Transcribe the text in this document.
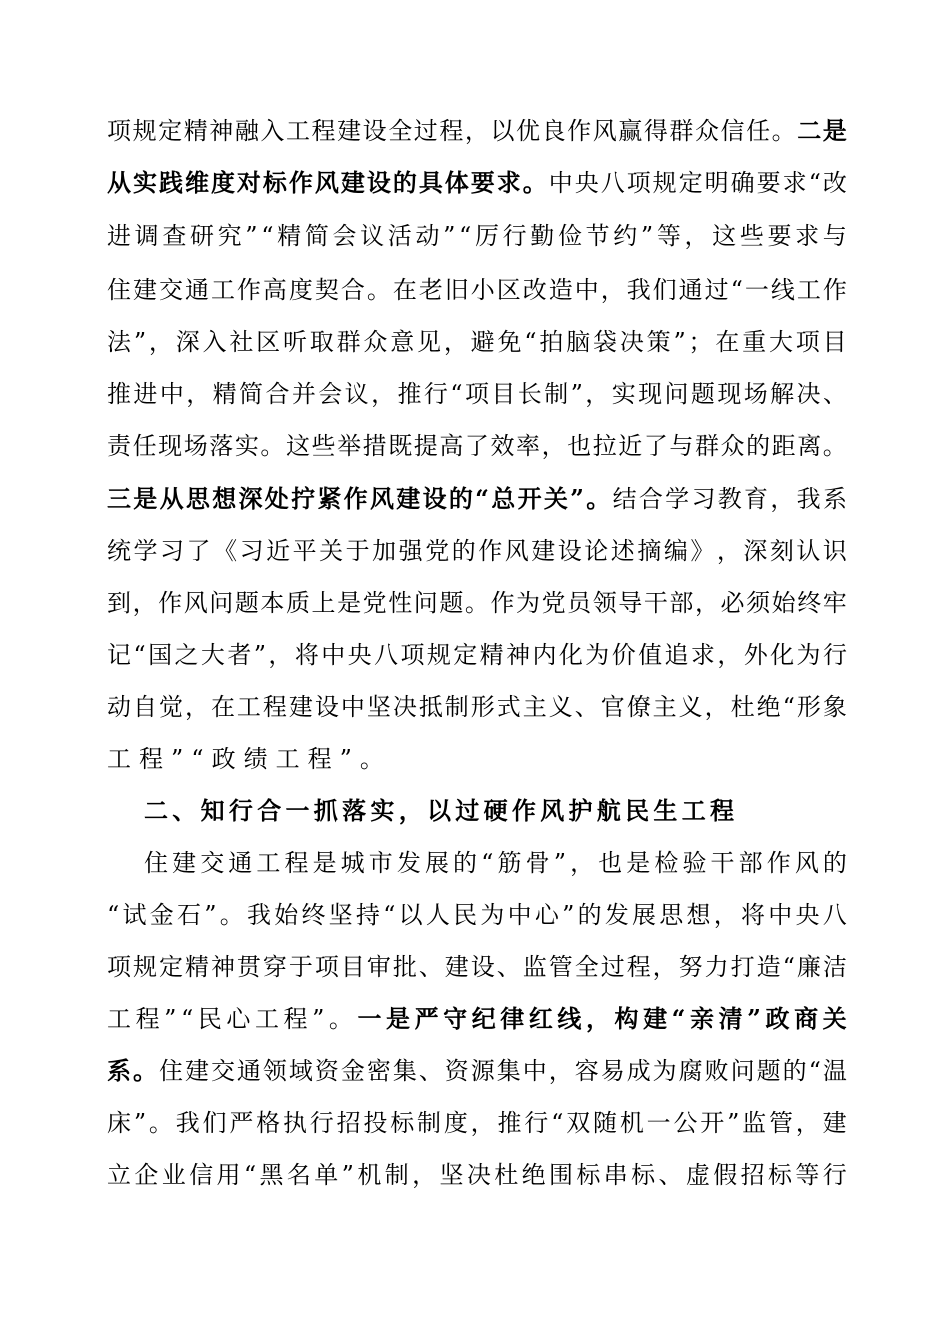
项 规 定 精 神 融 入 工 程 建 设 全 过 程 ， 以 优 良 作 风 赢 得 群 众 信 任 。 二 是
从 实 践 维 度 对 标 作 风 建 设 的 具 体 要 求 。 中 央 八 项 规 定 明 确 要 求 “ 改
进 调 查 研 究 ” “ 精 简 会 议 活 动 ” “ 厉 行 勤 俭 节 约 ” 等 ， 这 些 要 求 与
住 建 交 通 工 作 高 度 契 合 。 在 老 旧 小 区 改 造 中 ， 我 们 通 过 “ 一 线 工 作
法 ” ， 深 入 社 区 听 取 群 众 意 见 ， 避 免 “ 拍 脑 袋 决 策 ” ； 在 重 大 项 目
推 进 中 ， 精 简 合 并 会 议 ， 推 行 “ 项 目 长 制 ” ， 实 现 问 题 现 场 解 决 、
责 任 现 场 落 实 。 这 些 举 措 既 提 高 了 效 率 ， 也 拉 近 了 与 群 众 的 距 离 。
三 是 从 思 想 深 处 拧 紧 作 风 建 设 的 “ 总 开 关 ” 。 结 合 学 习 教 育 ， 我 系
统 学 习 了 《 习 近 平 关 于 加 强 党 的 作 风 建 设 论 述 摘 编 》 ， 深 刻 认 识
到 ， 作 风 问 题 本 质 上 是 党 性 问 题 。 作 为 党 员 领 导 干 部 ， 必 须 始 终 牢
记 “ 国 之 大 者 ” ， 将 中 央 八 项 规 定 精 神 内 化 为 价 值 追 求 ， 外 化 为 行
动 自 觉 ， 在 工 程 建 设 中 坚 决 抵 制 形 式 主 义 、 官 僚 主 义 ， 杜 绝 “ 形 象
工 程 ” “ 政 绩 工 程 ” 。
二、知行合一抓落实，以过硬作风护航民生工程
住 建 交 通 工 程 是 城 市 发 展 的 “ 筋 骨 ” ， 也 是 检 验 干 部 作 风 的
“ 试 金 石 ” 。 我 始 终 坚 持 “ 以 人 民 为 中 心 ” 的 发 展 思 想 ， 将 中 央 八
项 规 定 精 神 贯 穿 于 项 目 审 批 、 建 设 、 监 管 全 过 程 ， 努 力 打 造 “ 廉 洁
工 程 ” “ 民 心 工 程 ” 。 一 是 严 守 纪 律 红 线 ， 构 建 “ 亲 清 ” 政 商 关
系 。 住 建 交 通 领 域 资 金 密 集 、 资 源 集 中 ， 容 易 成 为 腐 败 问 题 的 “ 温
床 ” 。 我 们 严 格 执 行 招 投 标 制 度 ， 推 行 “ 双 随 机 一 公 开 ” 监 管 ， 建
立 企 业 信 用 “ 黑 名 单 ” 机 制 ， 坚 决 杜 绝 围 标 串 标 、 虚 假 招 标 等 行
